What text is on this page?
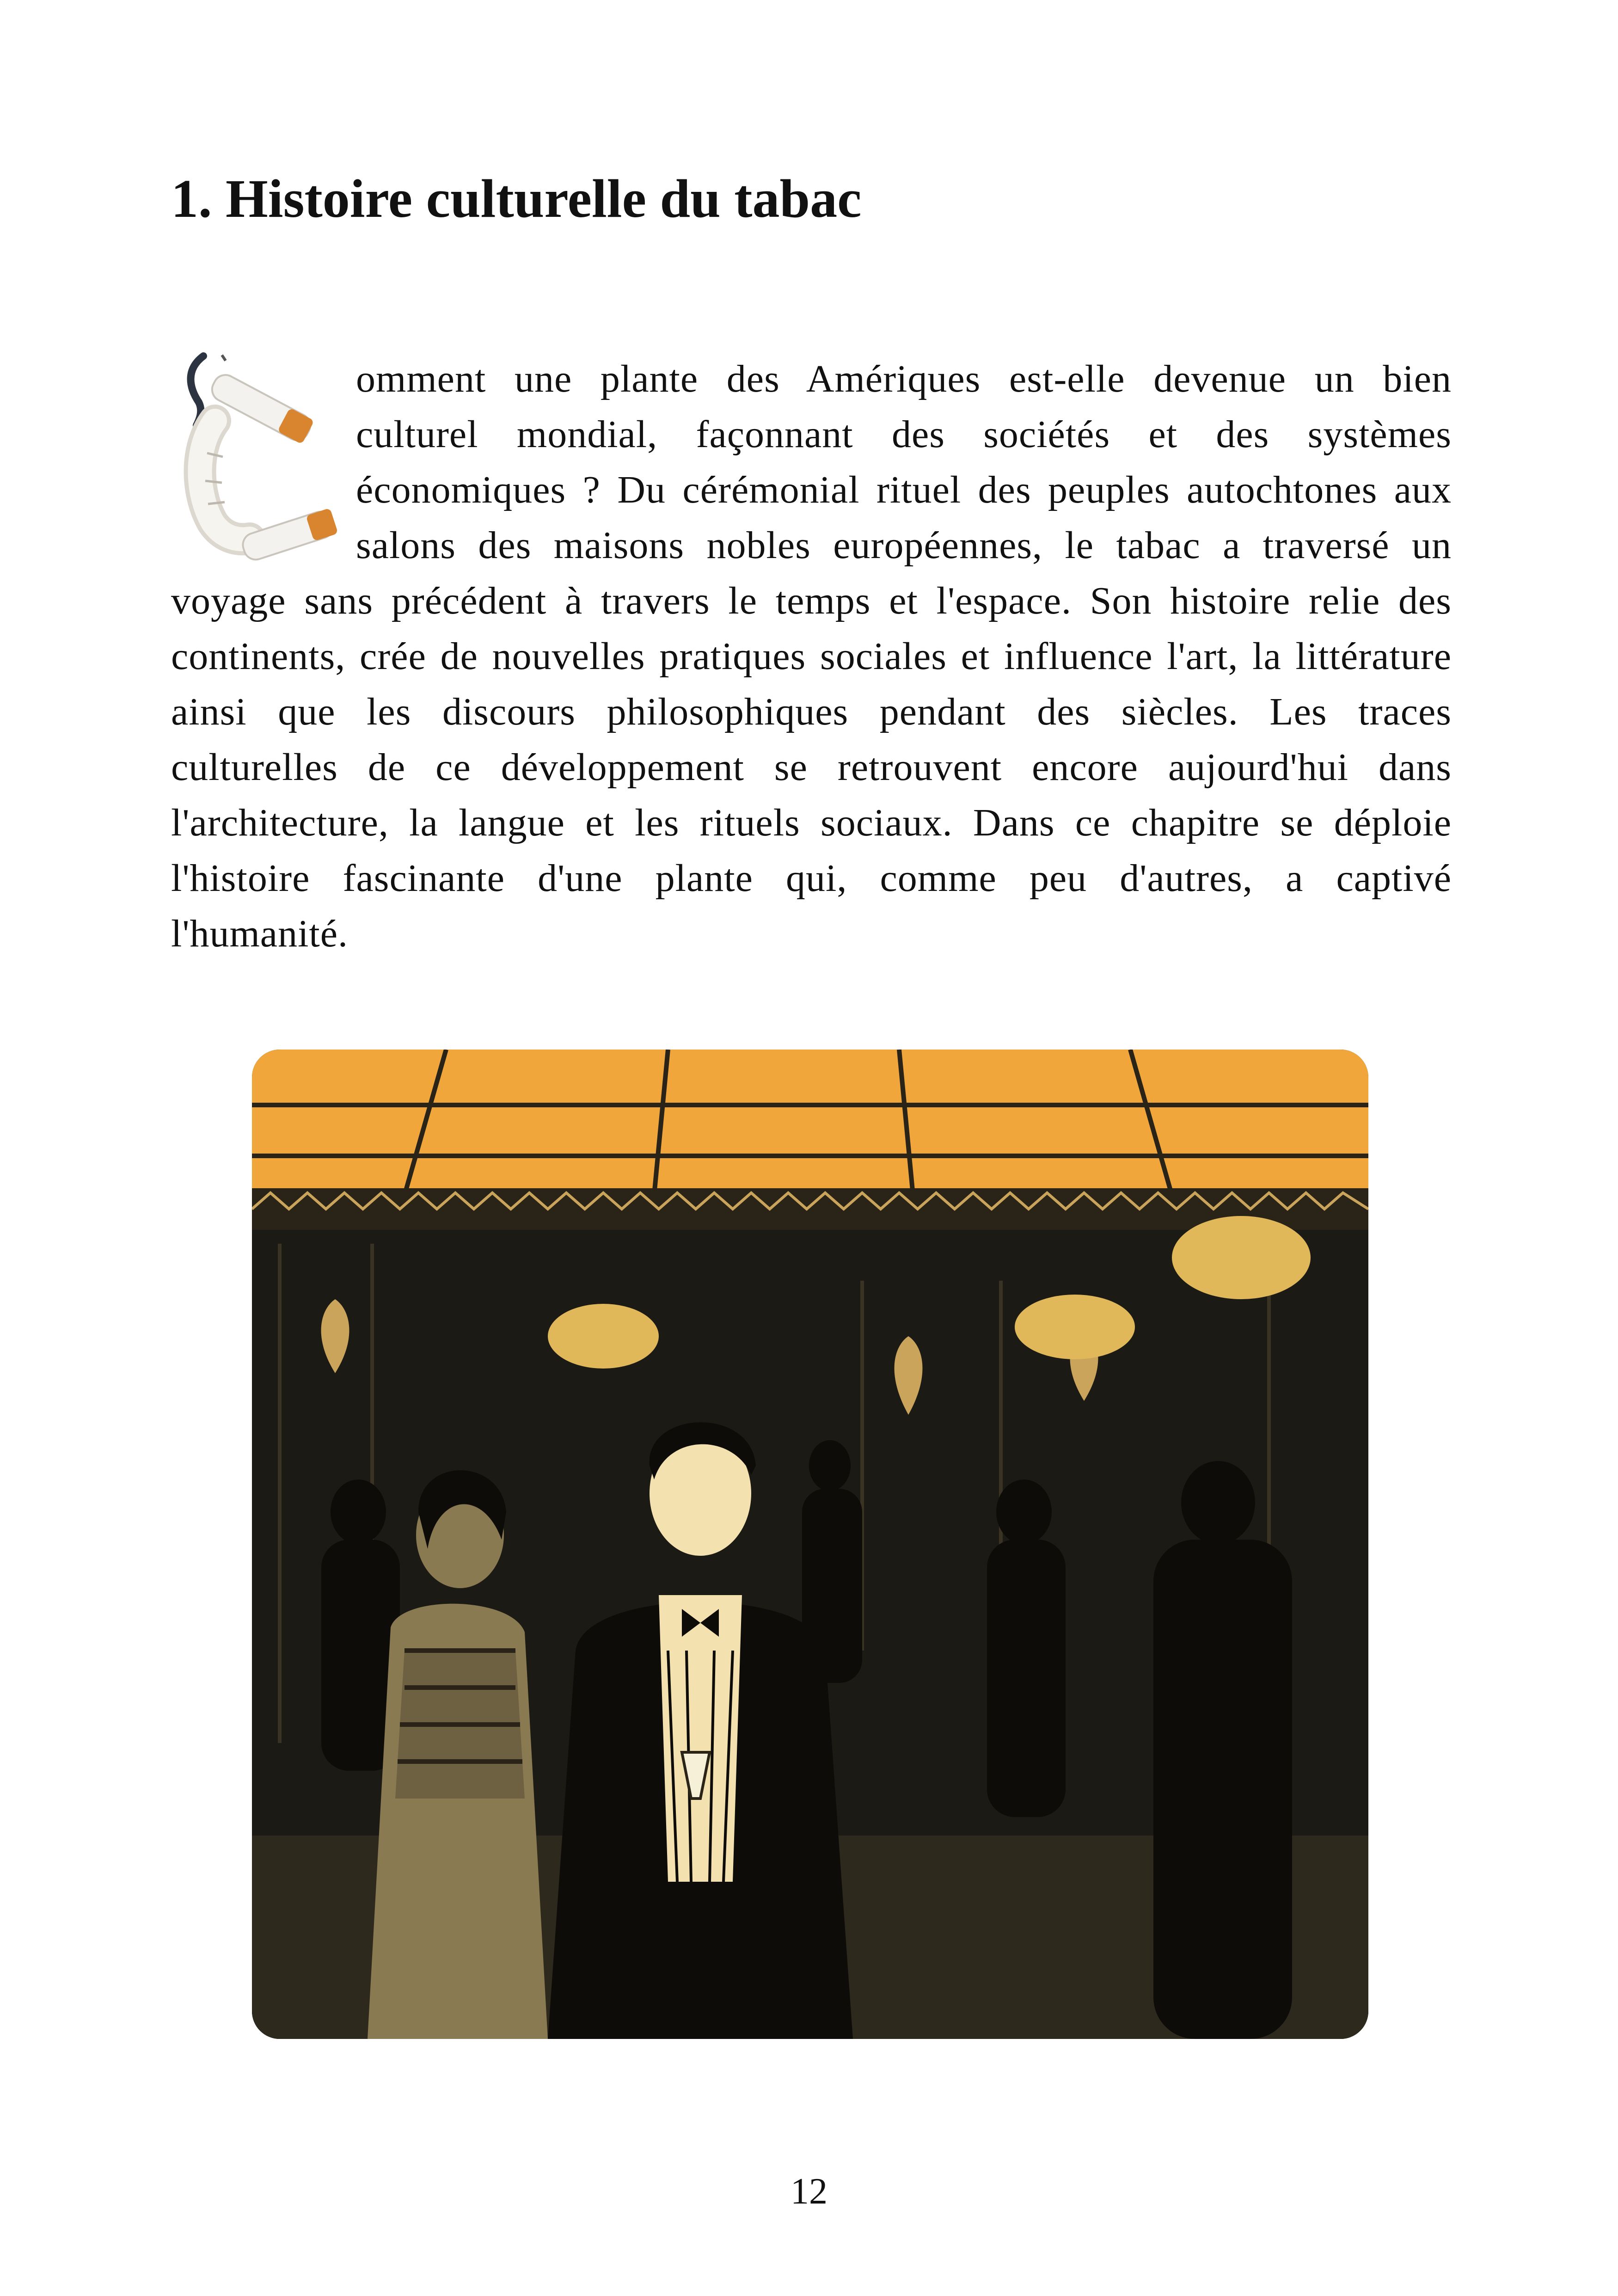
1. Histoire culturelle du tabac
omment une plante des Amériques est-elle devenue un bien culturel mondial, façonnant des sociétés et des systèmes économiques ? Du cérémonial rituel des peuples autochtones aux salons des maisons nobles européennes, le tabac a traversé un voyage sans précédent à travers le temps et l'espace. Son histoire relie des continents, crée de nouvelles pratiques sociales et influence l'art, la littérature ainsi que les discours philosophiques pendant des siècles. Les traces culturelles de ce développement se retrouvent encore aujourd'hui dans l'architecture, la langue et les rituels sociaux. Dans ce chapitre se déploie l'histoire fascinante d'une plante qui, comme peu d'autres, a captivé l'humanité.
12
